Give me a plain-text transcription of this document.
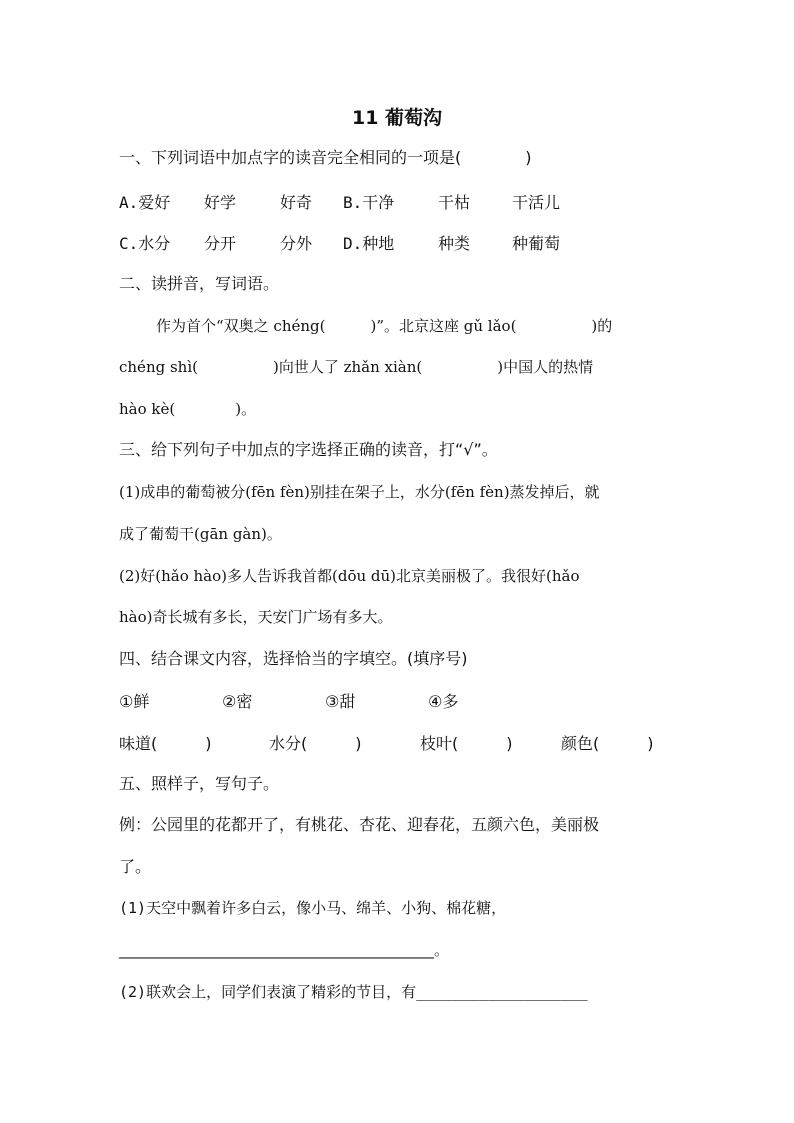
11 葡萄沟
一、下列词语中加点字的读音完全相同的一项是(　　　　)
A.爱好 好学	好奇 B.干净	干枯	干活儿
C.水分 分开	分外 D.种地	种类	种葡萄
二、读拼音，写词语。
作为首个“双奥之 chéng(　　　)”。北京这座 gǔ lǎo(　　　　　)的
chéng shì(　　　　　)向世人了 zhǎn xiàn(　　　　　)中国人的热情
hào kè(　　　　)。
三、给下列句子中加点的字选择正确的读音，打“√”。
(1)成串的葡萄被分(fēn fèn)别挂在架子上，水分(fēn fèn)蒸发掉后，就
成了葡萄干(gān gàn)。
(2)好(hǎo hào)多人告诉我首都(dōu dū)北京美丽极了。我很好(hǎo
hào)奇长城有多长，天安门广场有多大。
四、结合课文内容，选择恰当的字填空。(填序号)
①鲜	②密	③甜	④多
味道(　　　)	水分(　　　)	枝叶(　　　)	颜色(　　　)
五、照样子，写句子。
例：公园里的花都开了，有桃花、杏花、迎春花，五颜六色，美丽极
了。
(1)天空中飘着许多白云，像小马、绵羊、小狗、棉花糖，
__________________________________________。
(2)联欢会上，同学们表演了精彩的节目，有___________________
